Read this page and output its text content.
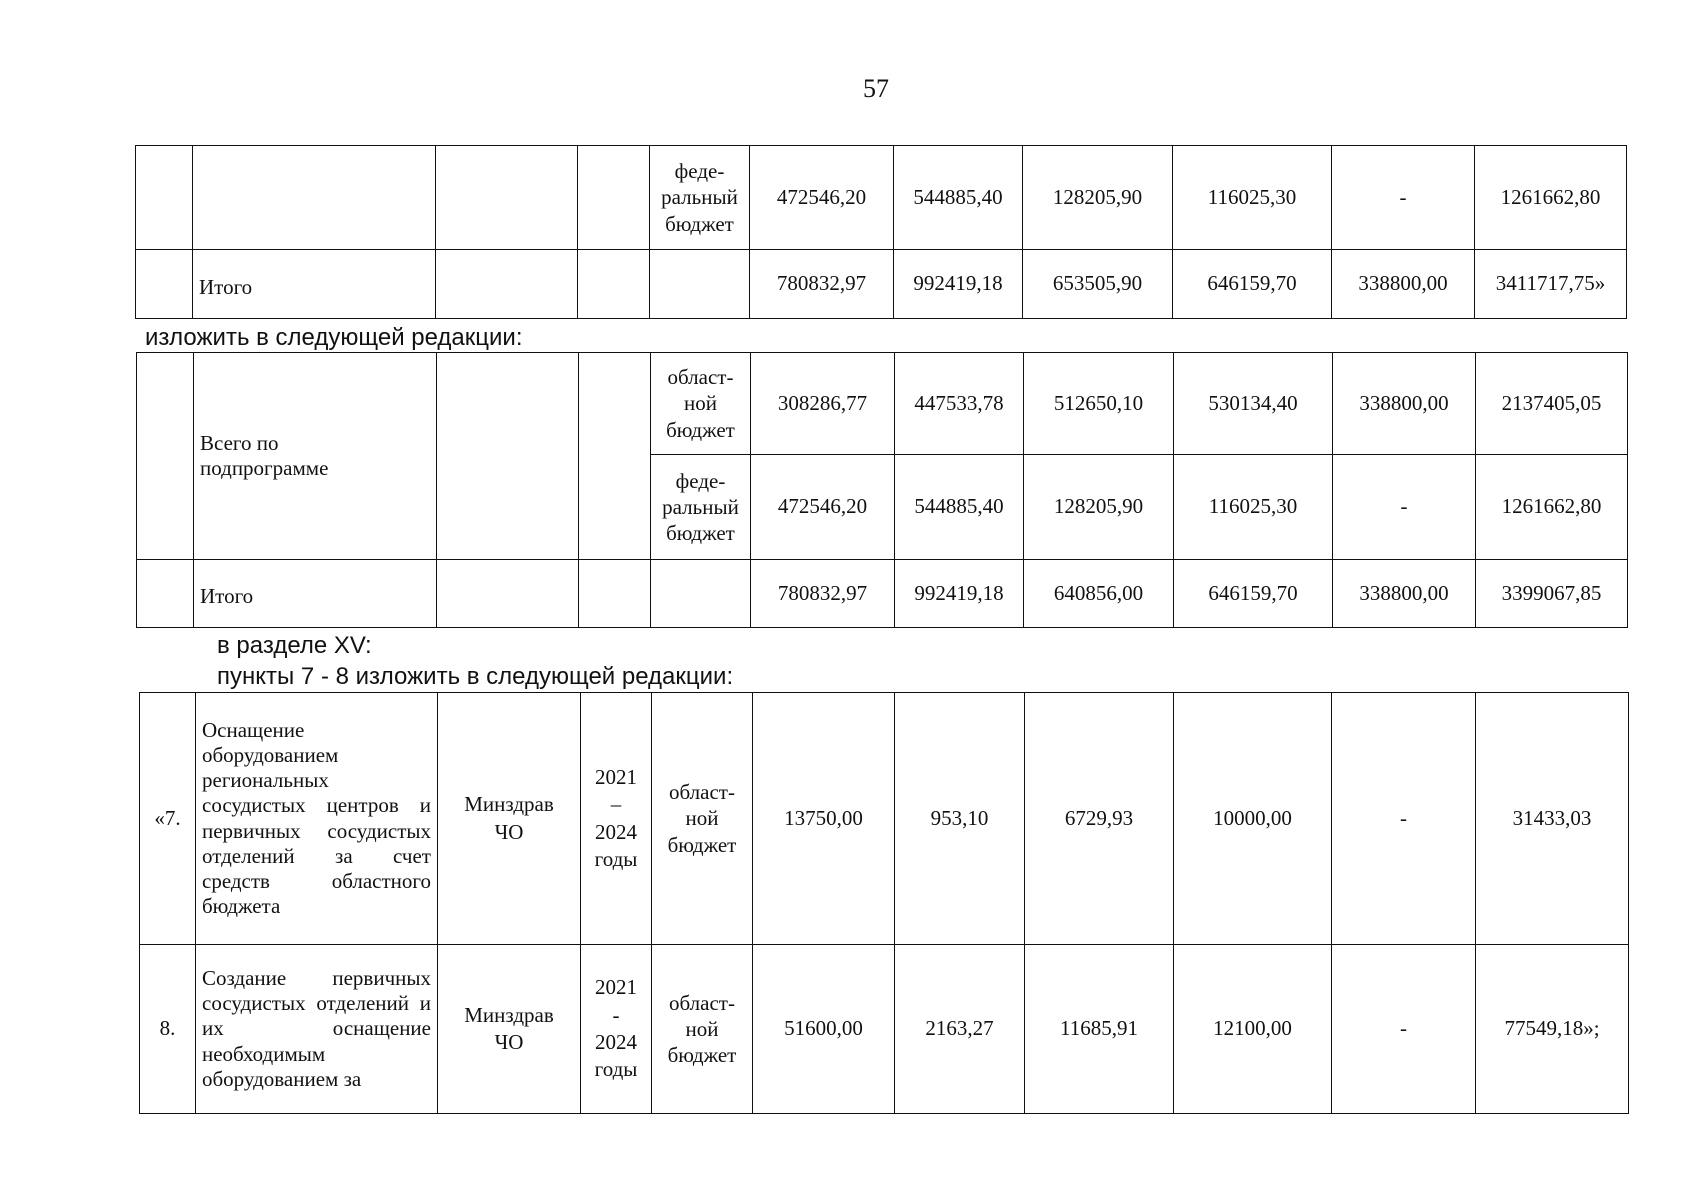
57
				феде-
ральный
бюджет	472546,20	544885,40	128205,90	116025,30	-	1261662,80
	Итого				780832,97	992419,18	653505,90	646159,70	338800,00	3411717,75»
изложить в следующей редакции:
	Всего по
подпрограмме			област-
ной
бюджет	308286,77	447533,78	512650,10	530134,40	338800,00	2137405,05
				феде-
ральный
бюджет	472546,20	544885,40	128205,90	116025,30	-	1261662,80
	Итого				780832,97	992419,18	640856,00	646159,70	338800,00	3399067,85
в разделе XV:
пункты 7 - 8 изложить в следующей редакции:
«7.	Оснащение оборудованием региональных сосудистых центров и первичных сосудистых отделений за счет средств областного бюджета	Минздрав
ЧО	2021
–
2024
годы	област-
ной
бюджет	13750,00	953,10	6729,93	10000,00	-	31433,03
8.	Создание первичных сосудистых отделений и их оснащение необходимым оборудованием за	Минздрав
ЧО	2021
-
2024
годы	област-
ной
бюджет	51600,00	2163,27	11685,91	12100,00	-	77549,18»;
